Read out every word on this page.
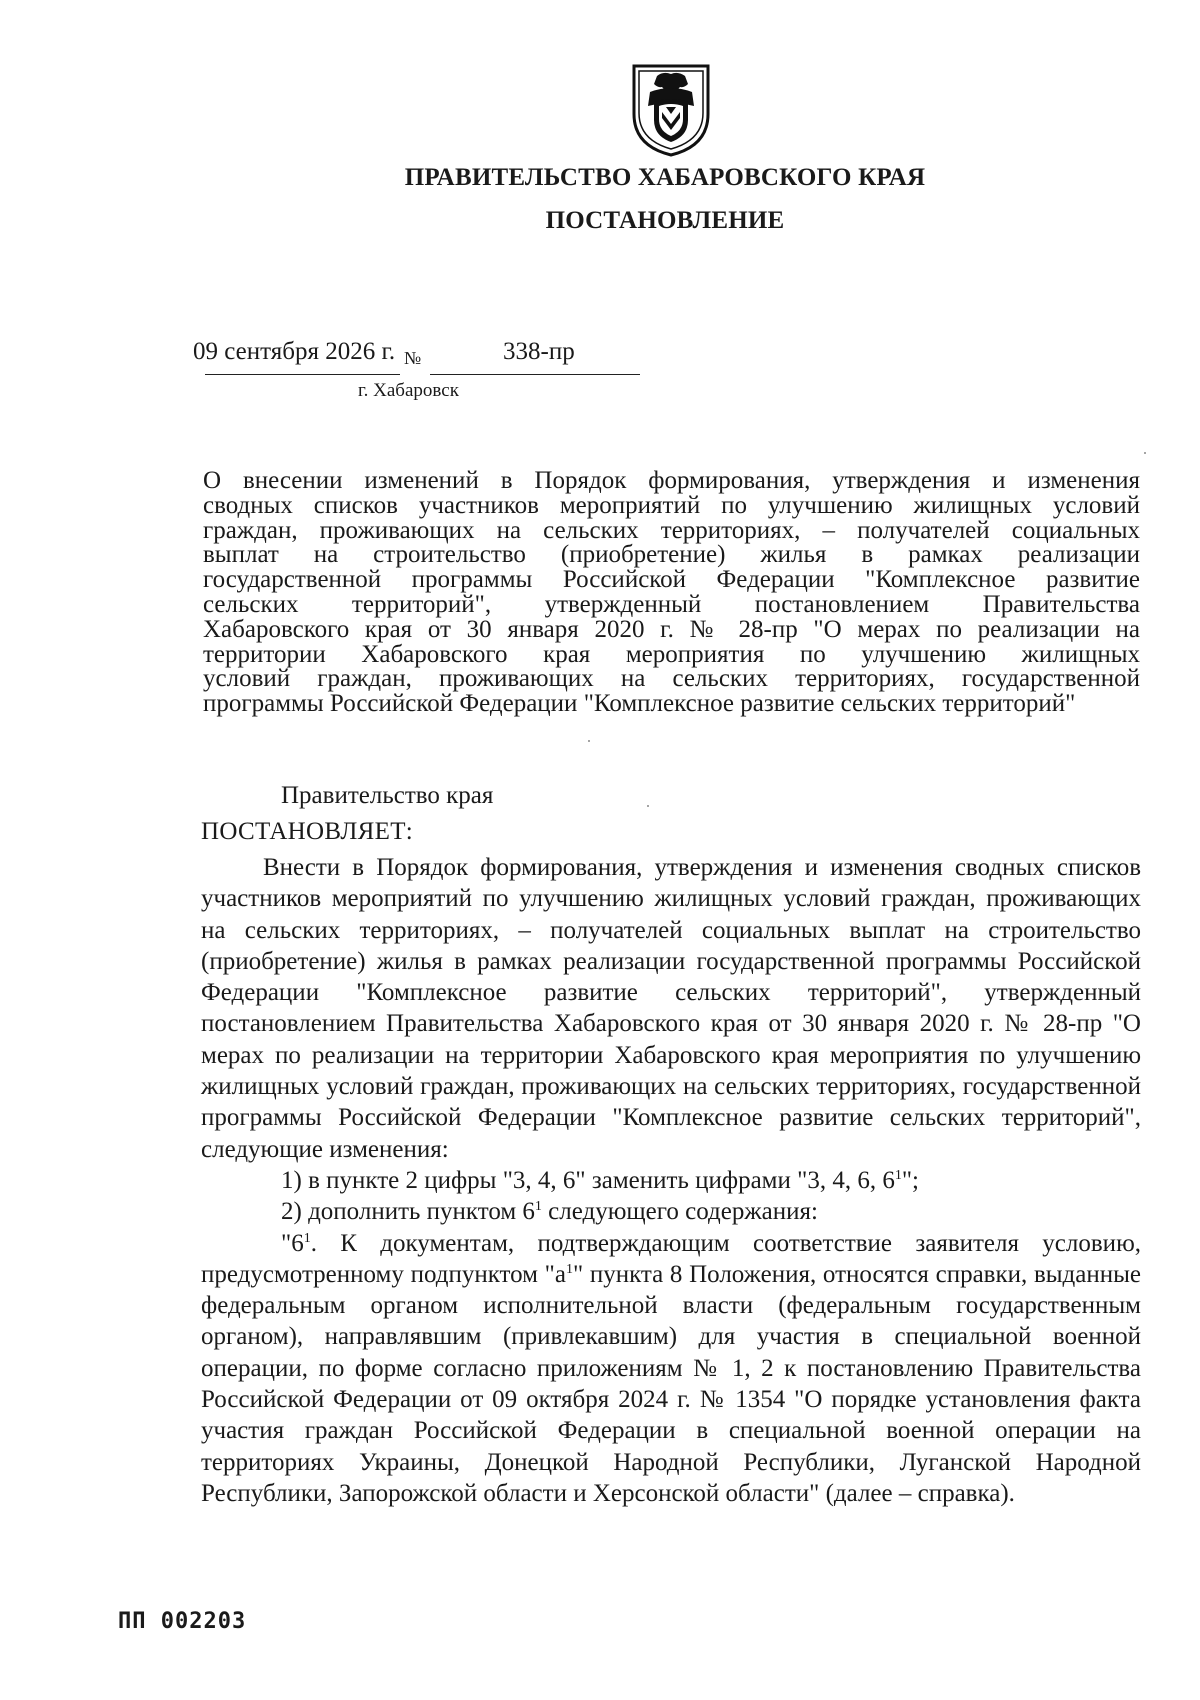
ПРАВИТЕЛЬСТВО ХАБАРОВСКОГО КРАЯ
ПОСТАНОВЛЕНИЕ
09 сентября 2026 г. №	338-пр
г. Хабаровск
О внесении изменений в Порядок формирования, утверждения и изменения
сводных списков участников мероприятий по улучшению жилищных условий
граждан, проживающих на сельских территориях, – получателей социальных
выплат на строительство (приобретение) жилья в рамках реализации
государственной программы Российской Федерации "Комплексное развитие
сельских территорий", утвержденный постановлением Правительства
Хабаровского края от 30 января 2020 г. № 28-пр "О мерах по реализации на
территории Хабаровского края мероприятия по улучшению жилищных
условий граждан, проживающих на сельских территориях, государственной
программы Российской Федерации "Комплексное развитие сельских территорий"
Правительство края
ПОСТАНОВЛЯЕТ:

Внести в Порядок формирования, утверждения и изменения сводных списков участников мероприятий по улучшению жилищных условий граждан, проживающих на сельских территориях, – получателей социальных выплат на строительство (приобретение) жилья в рамках реализации государственной программы Российской Федерации "Комплексное развитие сельских территорий", утвержденный постановлением Правительства Хабаровского края от 30 января 2020 г. № 28-пр "О мерах по реализации на территории Хабаровского края мероприятия по улучшению жилищных условий граждан, проживающих на сельских территориях, государственной программы Российской Федерации "Комплексное развитие сельских территорий", следующие изменения:

1) в пункте 2 цифры "3, 4, 6" заменить цифрами "3, 4, 6, $6^1$";

2) дополнить пунктом $6^1$ следующего содержания:

"$6^1$. К документам, подтверждающим соответствие заявителя условию, предусмотренному подпунктом "$а^1$" пункта 8 Положения, относятся справки, выданные федеральным органом исполнительной власти (федеральным государственным органом), направлявшим (привлекавшим) для участия в специальной военной операции, по форме согласно приложениям № 1, 2 к постановлению Правительства Российской Федерации от 09 октября 2024 г. № 1354 "О порядке установления факта участия граждан Российской Федерации в специальной военной операции на территориях Украины, Донецкой Народной Республики, Луганской Народной Республики, Запорожской области и Херсонской области" (далее – справка).

ПП 002203
